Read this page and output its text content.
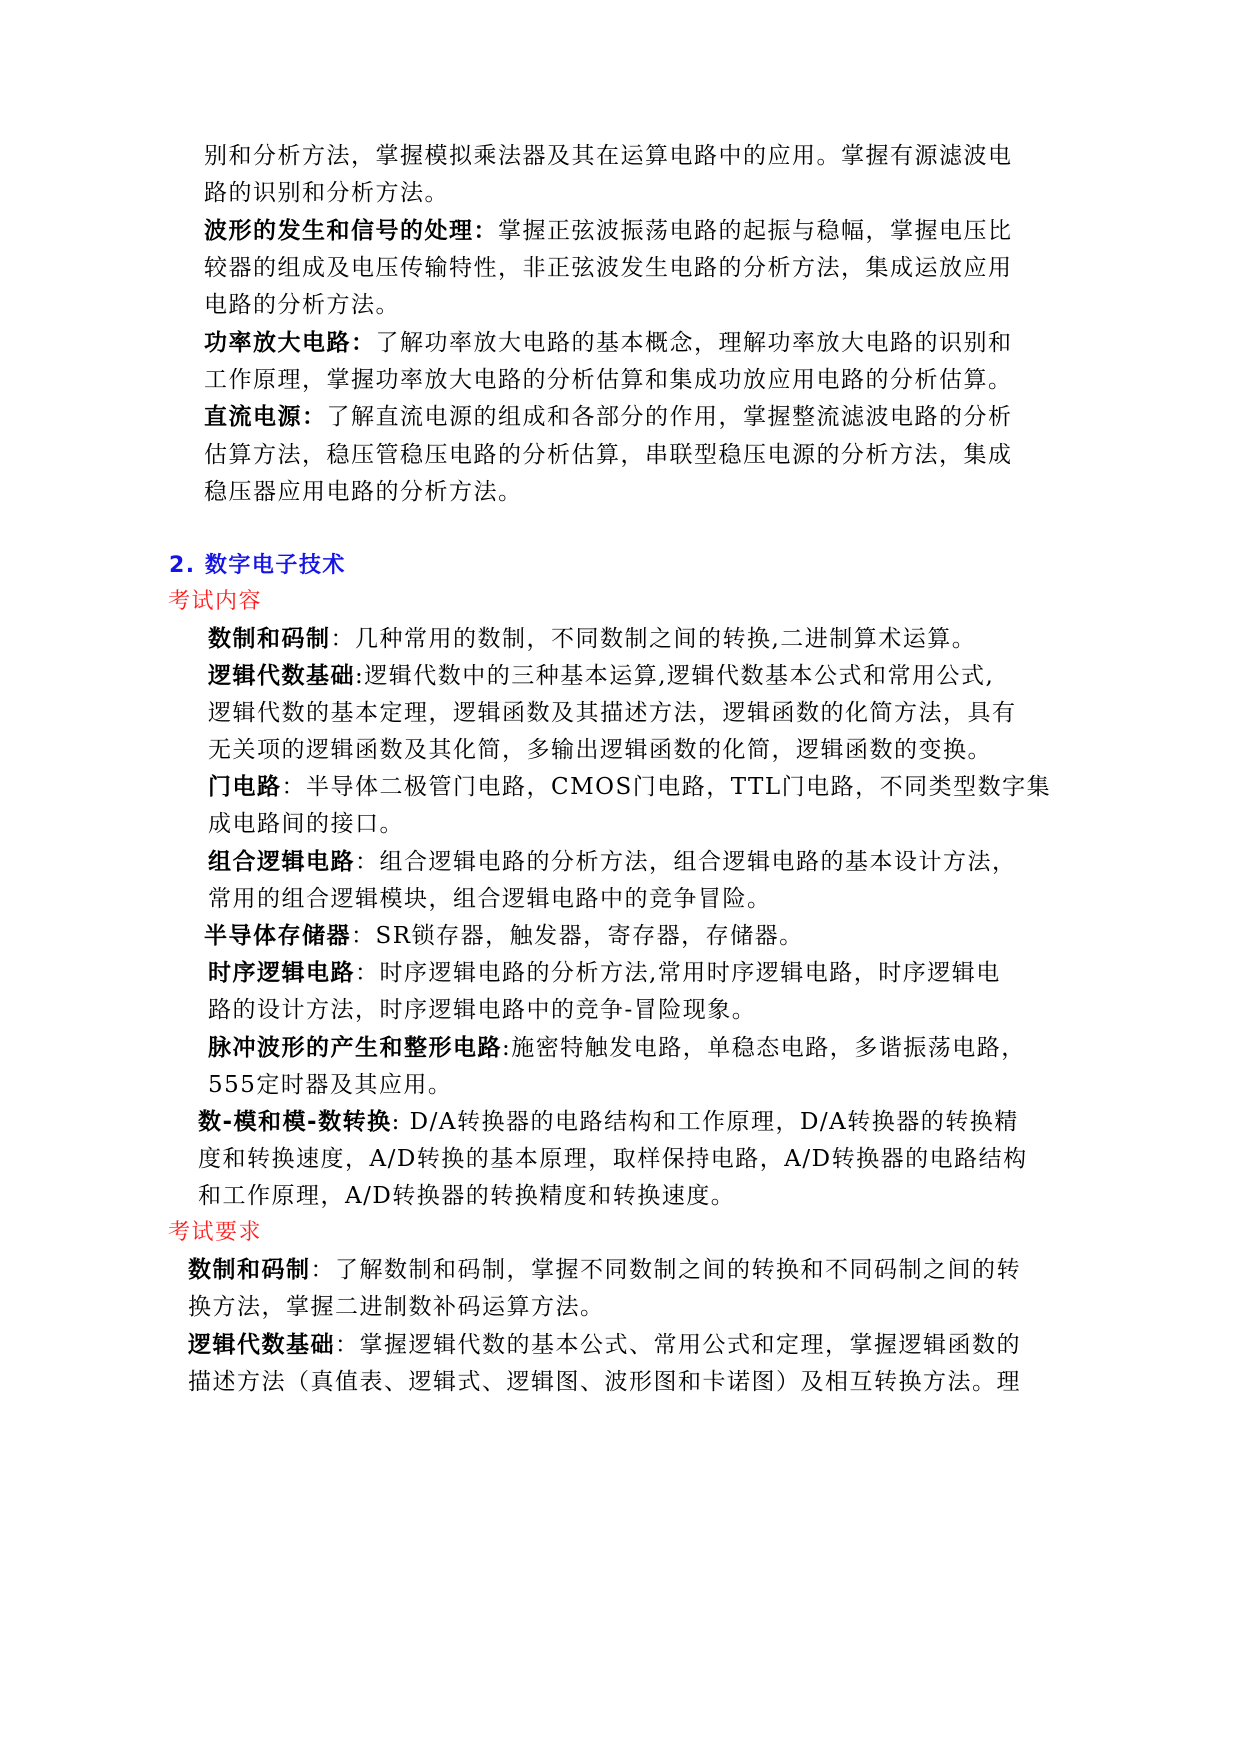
别和分析方法，掌握模拟乘法器及其在运算电路中的应用。掌握有源滤波电
路的识别和分析方法。
波形的发生和信号的处理：掌握正弦波振荡电路的起振与稳幅，掌握电压比
较器的组成及电压传输特性，非正弦波发生电路的分析方法，集成运放应用
电路的分析方法。
功率放大电路：了解功率放大电路的基本概念，理解功率放大电路的识别和
工作原理，掌握功率放大电路的分析估算和集成功放应用电路的分析估算。
直流电源：了解直流电源的组成和各部分的作用，掌握整流滤波电路的分析
估算方法，稳压管稳压电路的分析估算，串联型稳压电源的分析方法，集成
稳压器应用电路的分析方法。
2. 数字电子技术
考试内容
数制和码制：几种常用的数制，不同数制之间的转换,二进制算术运算。
逻辑代数基础:逻辑代数中的三种基本运算,逻辑代数基本公式和常用公式,
逻辑代数的基本定理，逻辑函数及其描述方法，逻辑函数的化简方法，具有
无关项的逻辑函数及其化简，多输出逻辑函数的化简，逻辑函数的变换。
门电路：半导体二极管门电路，CMOS门电路，TTL门电路，不同类型数字集
成电路间的接口。
组合逻辑电路：组合逻辑电路的分析方法，组合逻辑电路的基本设计方法，
常用的组合逻辑模块，组合逻辑电路中的竞争冒险。
半导体存储器：SR锁存器，触发器，寄存器，存储器。
时序逻辑电路：时序逻辑电路的分析方法,常用时序逻辑电路，时序逻辑电
路的设计方法，时序逻辑电路中的竞争-冒险现象。
脉冲波形的产生和整形电路:施密特触发电路，单稳态电路，多谐振荡电路，
555定时器及其应用。
数-模和模-数转换: D/A转换器的电路结构和工作原理，D/A转换器的转换精
度和转换速度，A/D转换的基本原理，取样保持电路，A/D转换器的电路结构
和工作原理，A/D转换器的转换精度和转换速度。
考试要求
数制和码制：了解数制和码制，掌握不同数制之间的转换和不同码制之间的转
换方法，掌握二进制数补码运算方法。
逻辑代数基础：掌握逻辑代数的基本公式、常用公式和定理，掌握逻辑函数的
描述方法（真值表、逻辑式、逻辑图、波形图和卡诺图）及相互转换方法。理
